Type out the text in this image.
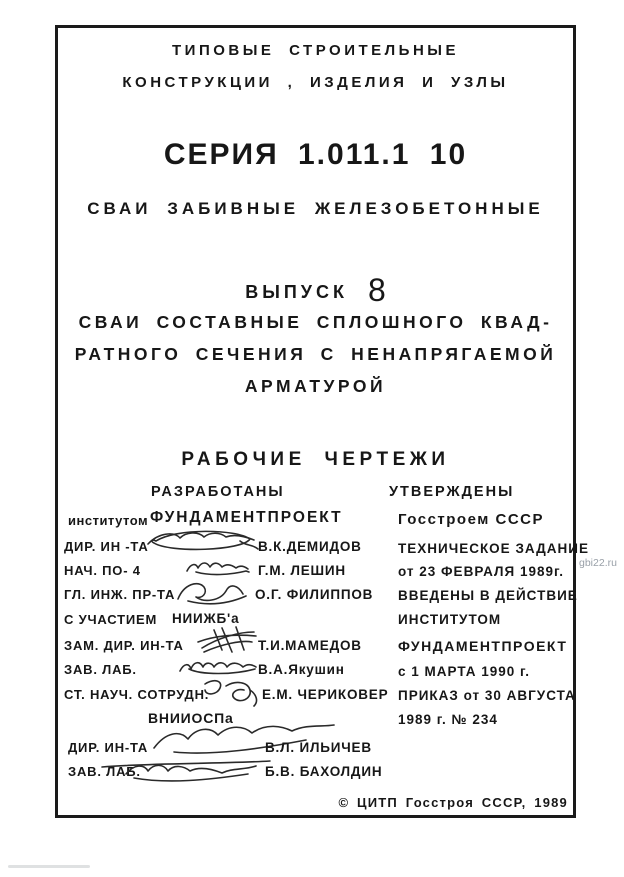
ТИПОВЫЕ СТРОИТЕЛЬНЫЕ
КОНСТРУКЦИИ , ИЗДЕЛИЯ И УЗЛЫ
СЕРИЯ 1.011.1 10
СВАИ ЗАБИВНЫЕ ЖЕЛЕЗОБЕТОННЫЕ
ВЫПУСК 8
СВАИ СОСТАВНЫЕ СПЛОШНОГО КВАД-
РАТНОГО СЕЧЕНИЯ С НЕНАПРЯГАЕМОЙ
АРМАТУРОЙ
РАБОЧИЕ ЧЕРТЕЖИ
РАЗРАБОТАНЫ	УТВЕРЖДЕНЫ
институтом ФУНДАМЕНТПРОЕКТ	Госстроем СССР
ДИР. ИН -ТА	В.К.ДЕМИДОВ
НАЧ. ПО- 4	Г.М. ЛЕШИН
ГЛ. ИНЖ. ПР-ТА	О.Г. ФИЛИППОВ
С УЧАСТИЕМ НИИЖБ'а
ЗАМ. ДИР. ИН-ТА	Т.И.МАМЕДОВ
ЗАВ. ЛАБ.	В.А.Якушин
СТ. НАУЧ. СОТРУДН.	Е.М. ЧЕРИКОВЕР
ВНИИОСПа
ДИР. ИН-ТА	В.Л. ИЛЬИЧЕВ
ЗАВ. ЛАБ.	Б.В. БАХОЛДИН
ТЕХНИЧЕСКОЕ ЗАДАНИЕ
от 23 ФЕВРАЛЯ 1989г.
ВВЕДЕНЫ В ДЕЙСТВИЕ
ИНСТИТУТОМ
ФУНДАМЕНТПРОЕКТ
с 1 МАРТА 1990 г.
ПРИКАЗ от 30 АВГУСТА
1989 г. № 234
© ЦИТП Госстроя СССР, 1989
gbi22.ru
